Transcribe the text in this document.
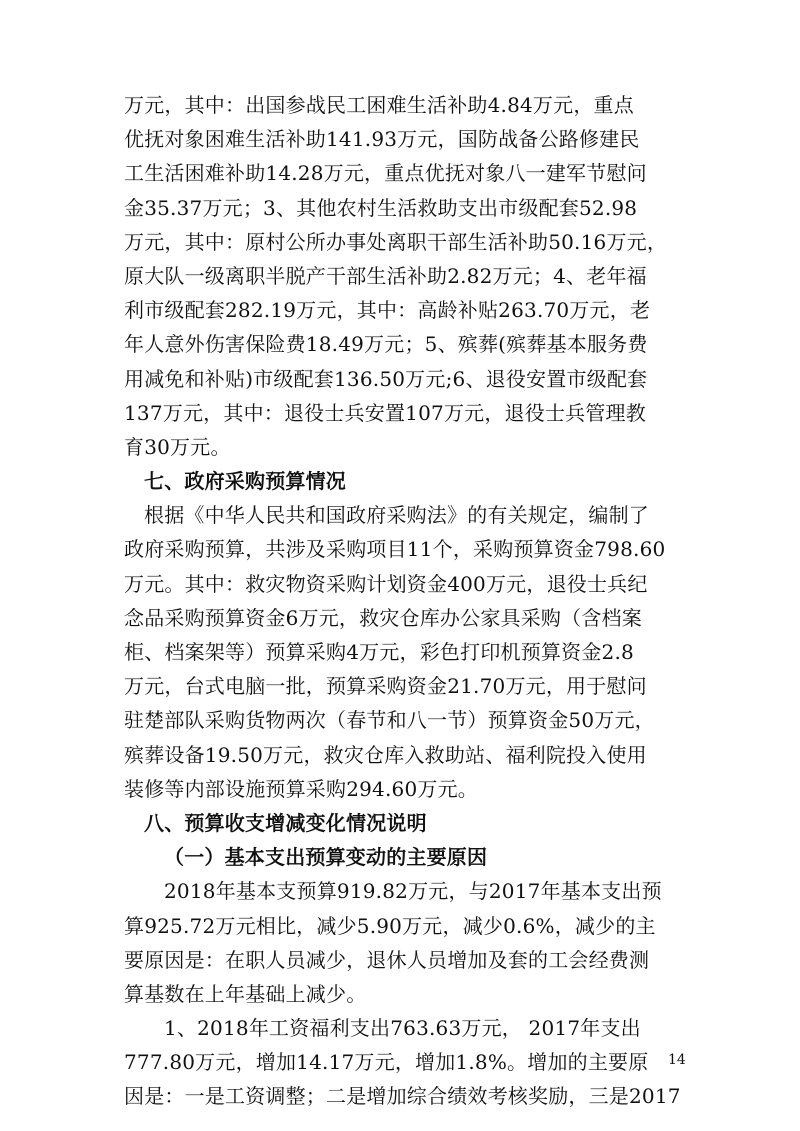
万元，其中：出国参战民工困难生活补助4.84万元，重点
优抚对象困难生活补助141.93万元，国防战备公路修建民
工生活困难补助14.28万元，重点优抚对象八一建军节慰问
金35.37万元；3、其他农村生活救助支出市级配套52.98
万元，其中：原村公所办事处离职干部生活补助50.16万元，
原大队一级离职半脱产干部生活补助2.82万元；4、老年福
利市级配套282.19万元，其中：高龄补贴263.70万元，老
年人意外伤害保险费18.49万元；5、殡葬(殡葬基本服务费
用减免和补贴)市级配套136.50万元;6、退役安置市级配套
137万元，其中：退役士兵安置107万元，退役士兵管理教
育30万元。
七、政府采购预算情况
根据《中华人民共和国政府采购法》的有关规定，编制了
政府采购预算，共涉及采购项目11个，采购预算资金798.60
万元。其中：救灾物资采购计划资金400万元，退役士兵纪
念品采购预算资金6万元，救灾仓库办公家具采购（含档案
柜、档案架等）预算采购4万元，彩色打印机预算资金2.8
万元，台式电脑一批，预算采购资金21.70万元，用于慰问
驻楚部队采购货物两次（春节和八一节）预算资金50万元，
殡葬设备19.50万元，救灾仓库入救助站、福利院投入使用
装修等内部设施预算采购294.60万元。
八、预算收支增减变化情况说明
（一）基本支出预算变动的主要原因
2018年基本支预算919.82万元，与2017年基本支出预
算925.72万元相比，减少5.90万元，减少0.6%，减少的主
要原因是：在职人员减少，退休人员增加及套的工会经费测
算基数在上年基础上减少。
1、2018年工资福利支出763.63万元， 2017年支出
777.80万元，增加14.17万元，增加1.8%。增加的主要原
因是：一是工资调整；二是增加综合绩效考核奖励，三是2017
14
